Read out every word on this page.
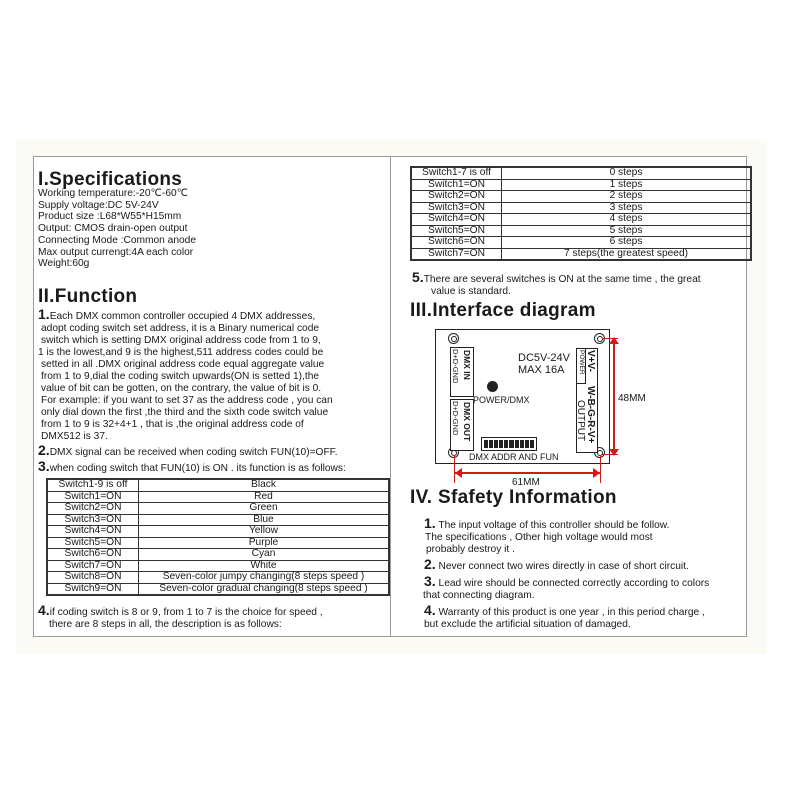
I.Specifications
Working temperature:-20℃-60℃
Supply voltage:DC 5V-24V
Product size :L68*W55*H15mm
Output: CMOS drain-open output
Connecting Mode :Common anode
Max output currengt:4A each color
Weight:60g
II.Function
1.Each DMX common controller occupied 4 DMX addresses,
adopt coding switch set address, it is a Binary numerical code
switch which is setting DMX original address code from 1 to 9,
1 is the lowest,and 9 is the highest,511 address codes could be
setted in all .DMX original address code equal aggregate value
from 1 to 9,dial the coding switch upwards(ON is setted 1),the
value of bit can be gotten, on the contrary, the value of bit is 0.
For example: if you want to set 37 as the address code , you can
only dial down the first ,the third and the sixth code switch value
from 1 to 9 is 32+4+1 , that is ,the original address code of
DMX512 is 37.
2.DMX signal can be received when coding switch FUN(10)=OFF.
3.when coding switch that FUN(10) is ON . its function is as follows:
Switch1-9 is off	Black
Switch1=ON	Red
Switch2=ON	Green
Switch3=ON	Blue
Switch4=ON	Yellow
Switch5=ON	Purple
Switch6=ON	Cyan
Switch7=ON	White
Switch8=ON	Seven-color jumpy changing(8 steps speed )
Switch9=ON	Seven-color gradual changing(8 steps speed )
4.if coding switch is 8 or 9, from 1 to 7 is the choice for speed ,
there are 8 steps in all, the description is as follows:
Switch1-7 is off	0 steps
Switch1=ON	1 steps
Switch2=ON	2 steps
Switch3=ON	3 steps
Switch4=ON	4 steps
Switch5=ON	5 steps
Switch6=ON	6 steps
Switch7=ON	7 steps(the greatest speed)
5.There are several switches is ON at the same time , the great
value is standard.
III.Interface diagram
DMX IN
D+D-GND
DMX OUT
D+D-GND
DC5V-24V
MAX 16A
POWER/DMX
DMX ADDR AND FUN
POWER V+V-
OUTPUT W-B-G-R-V+ 48MM
61MM
IV. Sfafety Information
1. The input voltage of this controller should be follow.
The specifications , Other high voltage would most
probably destroy it .
2. Never connect two wires directly in case of short circuit.
3. Lead wire should be connected correctly according to colors
that connecting diagram.
4. Warranty of this product is one year , in this period charge ,
but exclude the artificial situation of damaged.
